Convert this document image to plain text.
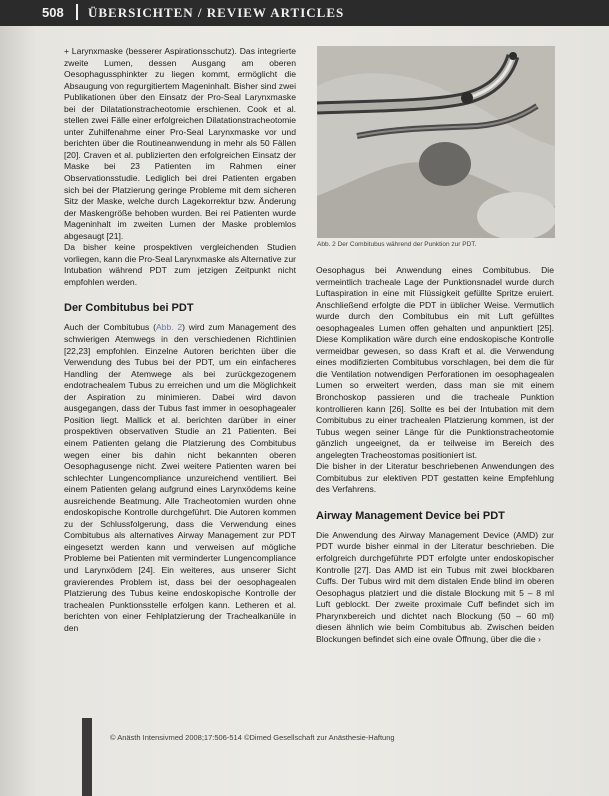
508 ÜBERSICHTEN / REVIEW ARTICLES

+ Larynxmaske (besserer Aspirationsschutz). Das integrierte zweite Lumen, dessen Ausgang am oberen Oesophagussphinkter zu liegen kommt, ermöglicht die Absaugung von regurgitiertem Mageninhalt. Bisher sind zwei Publikationen über den Einsatz der Pro-Seal Larynxmaske bei der Dilatationstracheotomie erschienen. Cook et al. stellen zwei Fälle einer erfolgreichen Dilatationstracheotomie unter Zuhilfenahme einer Pro-Seal Larynxmaske vor und berichten über die Routineanwendung in mehr als 50 Fällen [20]. Craven et al. publizierten den erfolgreichen Einsatz der Maske bei 23 Patienten im Rahmen einer Observationsstudie. Lediglich bei drei Patienten ergaben sich bei der Platzierung geringe Probleme mit dem sicheren Sitz der Maske, welche durch Lagekorrektur bzw. Änderung der Maskengröße behoben wurden. Bei rei Patienten wurde Mageninhalt im zweiten Lumen der Maske problemlos abgesaugt [21].

Da bisher keine prospektiven vergleichenden Studien vorliegen, kann die Pro-Seal Larynxmaske als Alternative zur Intubation während PDT zum jetzigen Zeitpunkt nicht empfohlen werden.

Der Combitubus bei PDT

Auch der Combitubus (Abb. 2) wird zum Management des schwierigen Atemwegs in den verschiedenen Richtlinien [22,23] empfohlen. Einzelne Autoren berichten über die Verwendung des Tubus bei der PDT, um ein einfacheres Handling der Atemwege als bei zurückgezogenem endotrachealem Tubus zu erreichen und um die Möglichkeit der Aspiration zu minimieren. Dabei wird davon ausgegangen, dass der Tubus fast immer in oesophagealer Position liegt. Mallick et al. berichten darüber in einer prospektiven observativen Studie an 21 Patienten. Bei einem Patienten gelang die Platzierung des Combitubus wegen einer bis dahin nicht bekannten oberen Oesophagusenge nicht. Zwei weitere Patienten waren bei schlechter Lungencompliance unzureichend ventiliert. Bei einem Patienten gelang aufgrund eines Larynxödems keine ausreichende Beatmung. Alle Tracheotomien wurden ohne endoskopische Kontrolle durchgeführt. Die Autoren kommen zu der Schlussfolgerung, dass die Verwendung eines Combitubus als alternatives Airway Management zur PDT eingesetzt werden kann und verweisen auf mögliche Probleme bei Patienten mit verminderter Lungencompliance und Larynxödem [24]. Ein weiteres, aus unserer Sicht gravierendes Problem ist, dass bei der oesophagealen Platzierung des Tubus keine endoskopische Kontrolle der trachealen Punktionsstelle erfolgen kann. Letheren et al. berichten von einer Fehlplatzierung der Trachealkanüle in den

Abb. 2 Der Combitubus während der Punktion zur PDT.

Oesophagus bei Anwendung eines Combitubus. Die vermeintlich tracheale Lage der Punktionsnadel wurde durch Luftaspiration in eine mit Flüssigkeit gefüllte Spritze eruiert. Anschließend erfolgte die PDT in üblicher Weise. Vermutlich wurde durch den Combitubus ein mit Luft gefülltes oesophageales Lumen offen gehalten und anpunktiert [25]. Diese Komplikation wäre durch eine endoskopische Kontrolle vermeidbar gewesen, so dass Kraft et al. die Verwendung eines modifizierten Combitubus vorschlagen, bei dem die für die Ventilation notwendigen Perforationen im oesophagealen Lumen so erweitert werden, dass man sie mit einem Bronchoskop passieren und die tracheale Punktion kontrollieren kann [26]. Sollte es bei der Intubation mit dem Combitubus zu einer trachealen Platzierung kommen, ist der Tubus wegen seiner Länge für die Punktionstracheotomie gänzlich ungeeignet, da er teilweise im Bereich des angelegten Tracheostomas positioniert ist.

Die bisher in der Literatur beschriebenen Anwendungen des Combitubus zur elektiven PDT gestatten keine Empfehlung des Verfahrens.

Airway Management Device bei PDT

Die Anwendung des Airway Management Device (AMD) zur PDT wurde bisher einmal in der Literatur beschrieben. Die erfolgreich durchgeführte PDT erfolgte unter endoskopischer Kontrolle [27]. Das AMD ist ein Tubus mit zwei blockbaren Cuffs. Der Tubus wird mit dem distalen Ende blind im oberen Oesophagus platziert und die distale Blockung mit 5 – 8 ml Luft geblockt. Der zweite proximale Cuff befindet sich im Pharynxbereich und dichtet nach Blockung (50 – 60 ml) diesen ähnlich wie beim Combitubus ab. Zwischen beiden Blockungen befindet sich eine ovale Öffnung, über die die ›

© Anästh Intensivmed 2008;17:506-514 ©Dimed Gesellschaft zur Anästhesie-Haftung
